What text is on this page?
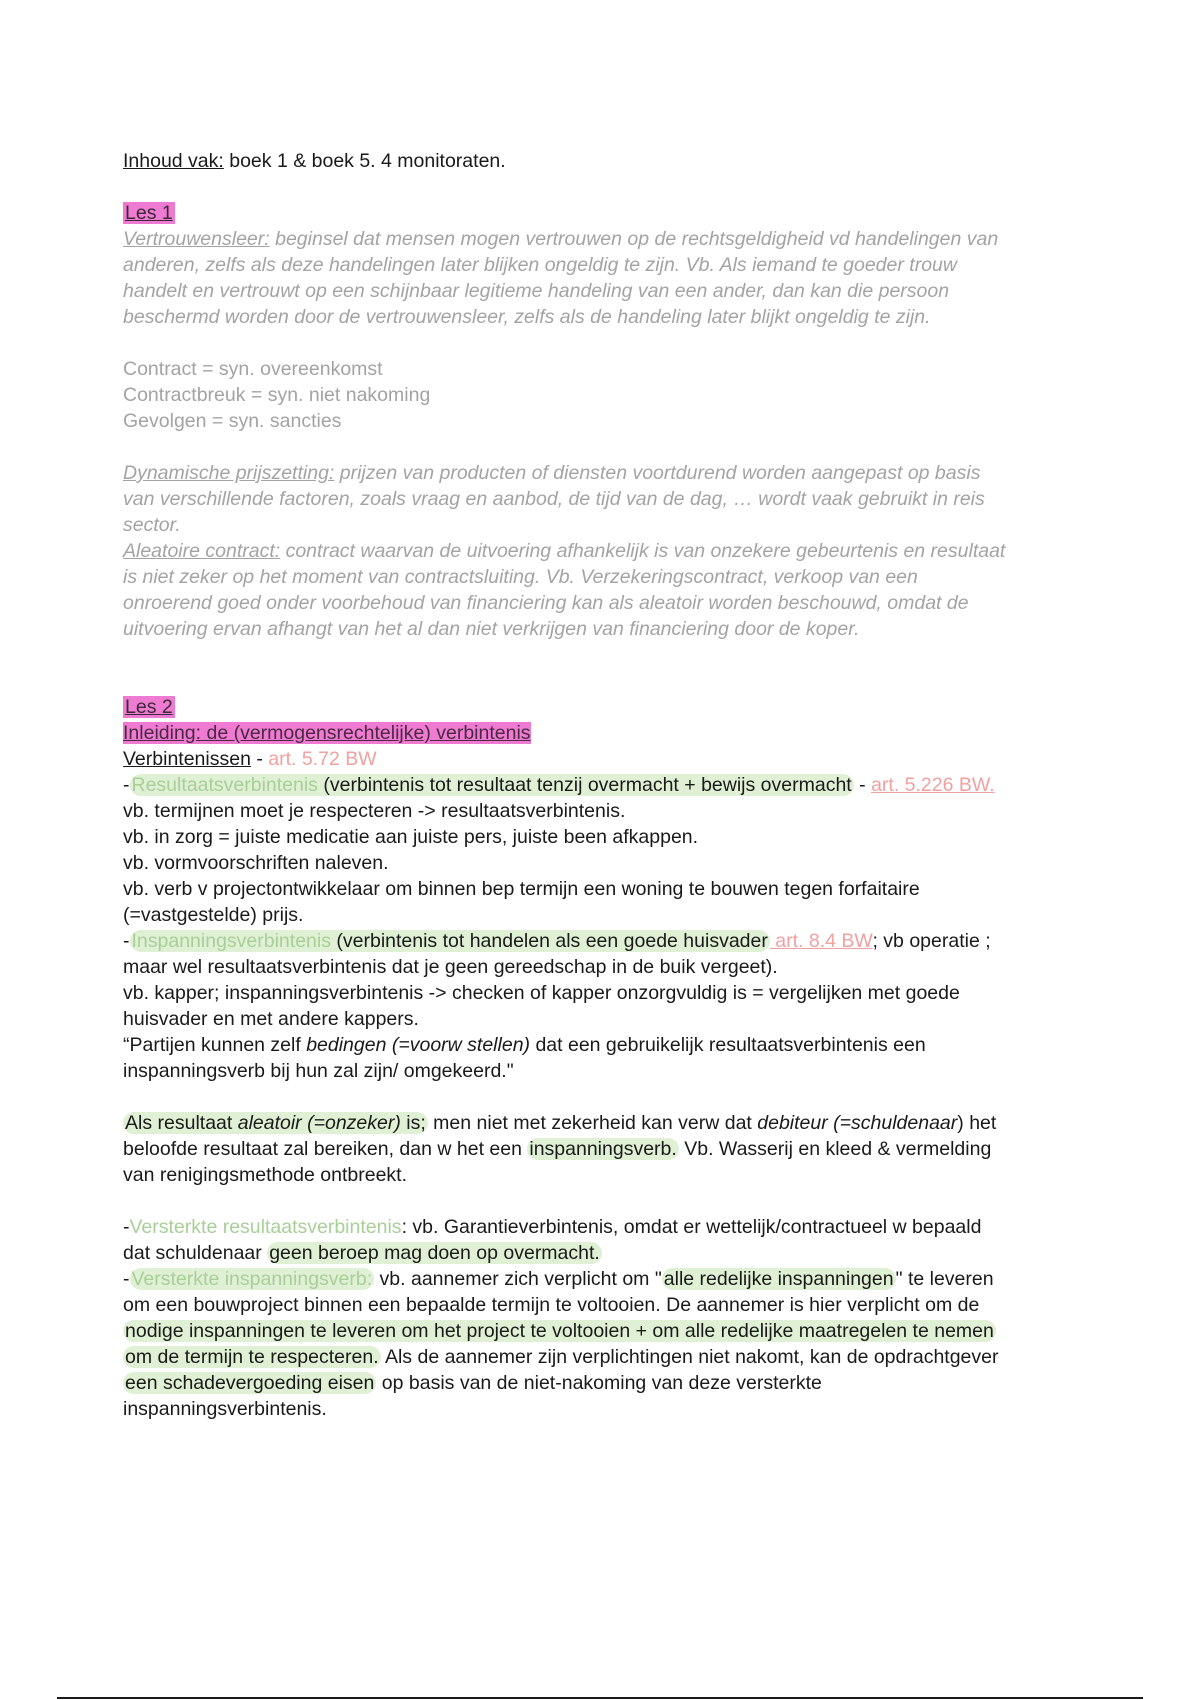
Inhoud vak: boek 1 & boek 5. 4 monitoraten.

Les 1

Vertrouwensleer: beginsel dat mensen mogen vertrouwen op de rechtsgeldigheid vd handelingen van
anderen, zelfs als deze handelingen later blijken ongeldig te zijn. Vb. Als iemand te goeder trouw
handelt en vertrouwt op een schijnbaar legitieme handeling van een ander, dan kan die persoon
beschermd worden door de vertrouwensleer, zelfs als de handeling later blijkt ongeldig te zijn.

Contract = syn. overeenkomst

Contractbreuk = syn. niet nakoming

Gevolgen = syn. sancties

Dynamische prijszetting: prijzen van producten of diensten voortdurend worden aangepast op basis
van verschillende factoren, zoals vraag en aanbod, de tijd van de dag, … wordt vaak gebruikt in reis
sector.

Aleatoire contract: contract waarvan de uitvoering afhankelijk is van onzekere gebeurtenis en resultaat
is niet zeker op het moment van contractsluiting. Vb. Verzekeringscontract, verkoop van een
onroerend goed onder voorbehoud van financiering kan als aleatoir worden beschouwd, omdat de
uitvoering ervan afhangt van het al dan niet verkrijgen van financiering door de koper.

Les 2

Inleiding: de (vermogensrechtelijke) verbintenis

Verbintenissen - art. 5.72 BW

- Resultaatsverbintenis (verbintenis tot resultaat tenzij overmacht + bewijs overmacht - art. 5.226 BW.

vb. termijnen moet je respecteren -> resultaatsverbintenis.

vb. in zorg = juiste medicatie aan juiste pers, juiste been afkappen.

vb. vormvoorschriften naleven.

vb. verb v projectontwikkelaar om binnen bep termijn een woning te bouwen tegen forfaitaire

(=vastgestelde) prijs.

- Inspanningsverbintenis (verbintenis tot handelen als een goede huisvader art. 8.4 BW; vb operatie ;

maar wel resultaatsverbintenis dat je geen gereedschap in de buik vergeet).

vb. kapper; inspanningsverbintenis -> checken of kapper onzorgvuldig is = vergelijken met goede

huisvader en met andere kappers.

“Partijen kunnen zelf bedingen (=voorw stellen) dat een gebruikelijk resultaatsverbintenis een

inspanningsverb bij hun zal zijn/ omgekeerd."

Als resultaat aleatoir (=onzeker) is; men niet met zekerheid kan verw dat debiteur (=schuldenaar) het
beloofde resultaat zal bereiken, dan w het een inspanningsverb. Vb. Wasserij en kleed & vermelding
van renigingsmethode ontbreekt.

-Versterkte resultaatsverbintenis: vb. Garantieverbintenis, omdat er wettelijk/contractueel w bepaald
dat schuldenaar geen beroep mag doen op overmacht.

- Versterkte inspanningsverb: vb. aannemer zich verplicht om " alle redelijke inspanningen " te leveren
om een bouwproject binnen een bepaalde termijn te voltooien. De aannemer is hier verplicht om de
nodige inspanningen te leveren om het project te voltooien + om alle redelijke maatregelen te nemen
om de termijn te respecteren. Als de aannemer zijn verplichtingen niet nakomt, kan de opdrachtgever
een schadevergoeding eisen op basis van de niet-nakoming van deze versterkte
inspanningsverbintenis.
